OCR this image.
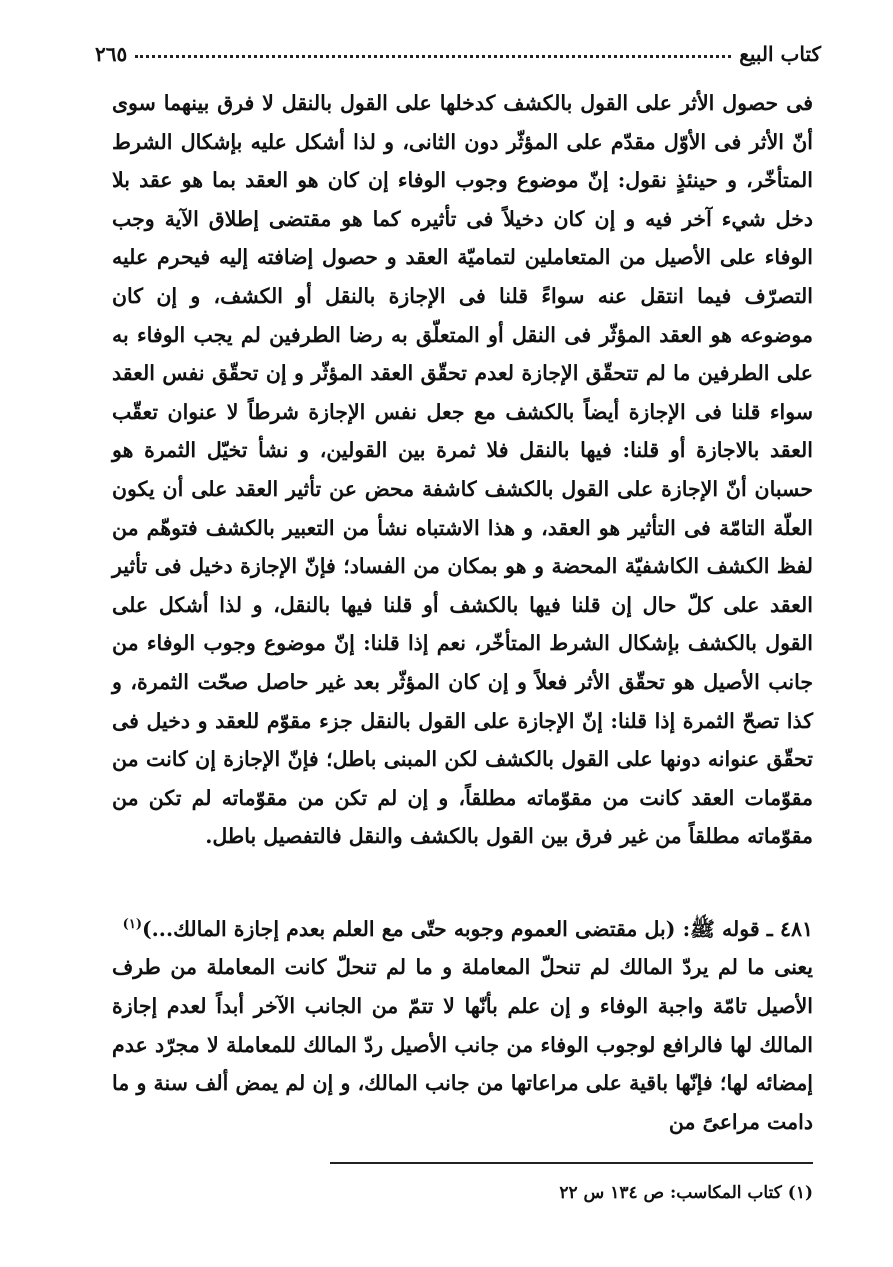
كتاب البيع
٢٦٥
فى حصول الأثر على القول بالكشف كدخلها على القول بالنقل لا فرق بينهما سوى أنّ الأثر فى الأوّل مقدّم على المؤثّر دون الثانى، و لذا أشكل عليه بإشكال الشرط المتأخّر، و حينئذٍ نقول: إنّ موضوع وجوب الوفاء إن كان هو العقد بما هو عقد بلا دخل شيء آخر فيه و إن كان دخيلاً فى تأثيره كما هو مقتضى إطلاق الآية وجب الوفاء على الأصيل من المتعاملين لتماميّة العقد و حصول إضافته إليه فيحرم عليه التصرّف فيما انتقل عنه سواءً قلنا فى الإجازة بالنقل أو الكشف، و إن كان موضوعه هو العقد المؤثّر فى النقل أو المتعلّق به رضا الطرفين لم يجب الوفاء به على الطرفين ما لم تتحقّق الإجازة لعدم تحقّق العقد المؤثّر و إن تحقّق نفس العقد سواء قلنا فى الإجازة أيضاً بالكشف مع جعل نفس الإجازة شرطاً لا عنوان تعقّب العقد بالاجازة أو قلنا: فيها بالنقل فلا ثمرة بين القولين، و نشأ تخيّل الثمرة هو حسبان أنّ الإجازة على القول بالكشف كاشفة محض عن تأثير العقد على أن يكون العلّة التامّة فى التأثير هو العقد، و هذا الاشتباه نشأ من التعبير بالكشف فتوهّم من لفظ الكشف الكاشفيّة المحضة و هو بمكان من الفساد؛ فإنّ الإجازة دخيل فى تأثير العقد على كلّ حال إن قلنا فيها بالكشف أو قلنا فيها بالنقل، و لذا أشكل على القول بالكشف بإشكال الشرط المتأخّر، نعم إذا قلنا: إنّ موضوع وجوب الوفاء من جانب الأصيل هو تحقّق الأثر فعلاً و إن كان المؤثّر بعد غير حاصل صحّت الثمرة، و كذا تصحّ الثمرة إذا قلنا: إنّ الإجازة على القول بالنقل جزء مقوّم للعقد و دخيل فى تحقّق عنوانه دونها على القول بالكشف لكن المبنى باطل؛ فإنّ الإجازة إن كانت من مقوّمات العقد كانت من مقوّماته مطلقاً، و إن لم تكن من مقوّماته لم تكن من مقوّماته مطلقاً من غير فرق بين القول بالكشف والنقل فالتفصيل باطل.
٤٨١ ـ قوله ﷺ: (بل مقتضى العموم وجوبه حتّى مع العلم بعدم إجازة المالك...)$^{(١)}$
يعنى ما لم يردّ المالك لم تنحلّ المعاملة و ما لم تنحلّ كانت المعاملة من طرف الأصيل تامّة واجبة الوفاء و إن علم بأنّها لا تتمّ من الجانب الآخر أبداً لعدم إجازة المالك لها فالرافع لوجوب الوفاء من جانب الأصيل ردّ المالك للمعاملة لا مجرّد عدم إمضائه لها؛ فإنّها باقية على مراعاتها من جانب المالك، و إن لم يمض ألف سنة و ما دامت مراعىً من
(١) كتاب المكاسب: ص ١٣٤ س ٢٢
